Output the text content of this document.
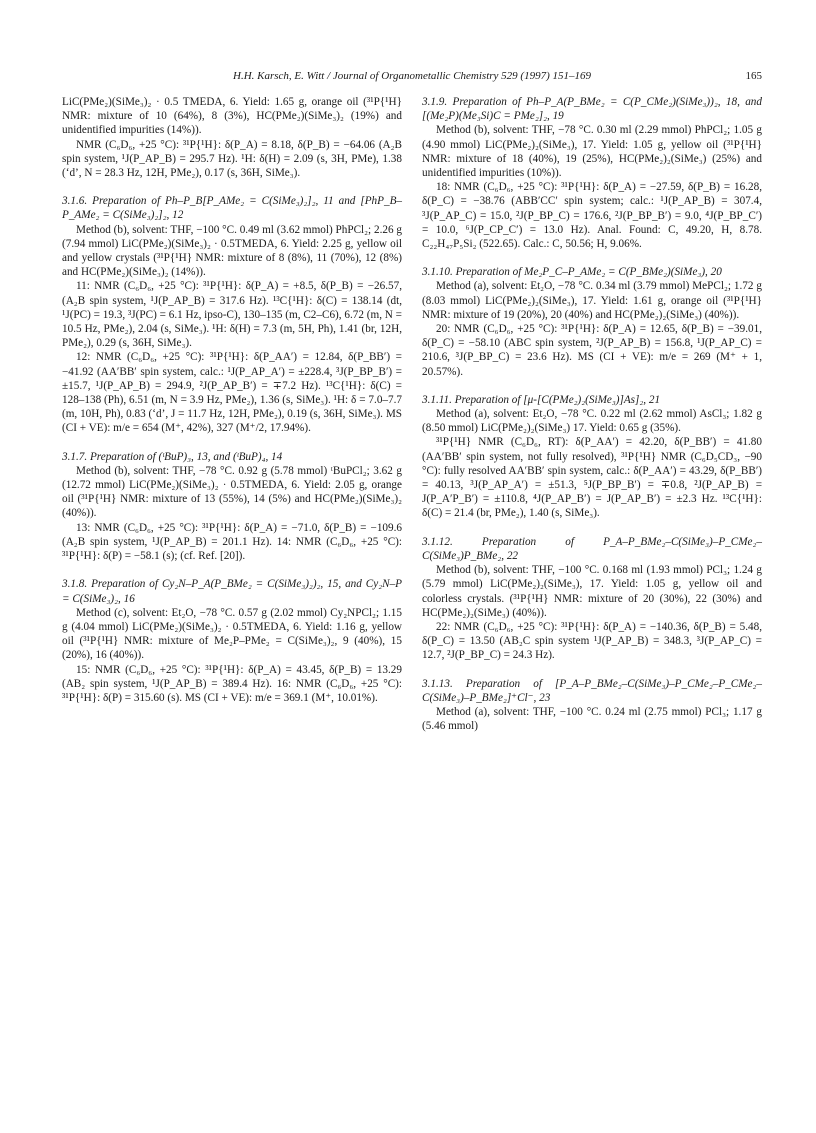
H.H. Karsch, E. Witt / Journal of Organometallic Chemistry 529 (1997) 151–169	165

LiC(PMe₂)(SiMe₃)₂ · 0.5 TMEDA, 6. Yield: 1.65 g, orange oil (³¹P{¹H} NMR: mixture of 10 (64%), 8 (3%), HC(PMe₂)(SiMe₃)₂ (19%) and unidentified impurities (14%)).

NMR (C₆D₆, +25 °C): ³¹P{¹H}: δ(P_A) = 8.18, δ(P_B) = −64.06 (A₂B spin system, ¹J(P_AP_B) = 295.7 Hz). ¹H: δ(H) = 2.09 (s, 3H, PMe), 1.38 (‘d’, N = 28.3 Hz, 12H, PMe₂), 0.17 (s, 36H, SiMe₃).

3.1.6. Preparation of Ph–P_B[P_AMe₂ = C(SiMe₃)₂]₂, 11 and [PhP_B–P_AMe₂ = C(SiMe₃)₂]₂, 12

Method (b), solvent: THF, −100 °C. 0.49 ml (3.62 mmol) PhPCl₂; 2.26 g (7.94 mmol) LiC(PMe₂)(SiMe₃)₂ · 0.5TMEDA, 6. Yield: 2.25 g, yellow oil and yellow crystals (³¹P{¹H} NMR: mixture of 8 (8%), 11 (70%), 12 (8%) and HC(PMe₂)(SiMe₃)₂ (14%)).

11: NMR (C₆D₆, +25 °C): ³¹P{¹H}: δ(P_A) = +8.5, δ(P_B) = −26.57, (A₂B spin system, ¹J(P_AP_B) = 317.6 Hz). ¹³C{¹H}: δ(C) = 138.14 (dt, ¹J(PC) = 19.3, ³J(PC) = 6.1 Hz, ipso-C), 130–135 (m, C2–C6), 6.72 (m, N = 10.5 Hz, PMe₂), 2.04 (s, SiMe₃). ¹H: δ(H) = 7.3 (m, 5H, Ph), 1.41 (br, 12H, PMe₂), 0.29 (s, 36H, SiMe₃).

12: NMR (C₆D₆, +25 °C): ³¹P{¹H}: δ(P_AA′) = 12.84, δ(P_BB′) = −41.92 (AA′BB′ spin system, calc.: ¹J(P_AP_A′) = ±228.4, ³J(P_BP_B′) = ±15.7, ¹J(P_AP_B) = 294.9, ²J(P_AP_B′) = ∓7.2 Hz). ¹³C{¹H}: δ(C) = 128–138 (Ph), 6.51 (m, N = 3.9 Hz, PMe₂), 1.36 (s, SiMe₃). ¹H: δ = 7.0–7.7 (m, 10H, Ph), 0.83 (‘d’, J = 11.7 Hz, 12H, PMe₂), 0.19 (s, 36H, SiMe₃). MS (CI + VE): m/e = 654 (M⁺, 42%), 327 (M⁺/2, 17.94%).

3.1.7. Preparation of (ᵗBuP)₃, 13, and (ᵗBuP)₄, 14

Method (b), solvent: THF, −78 °C. 0.92 g (5.78 mmol) ᵗBuPCl₂; 3.62 g (12.72 mmol) LiC(PMe₂)(SiMe₃)₂ · 0.5TMEDA, 6. Yield: 2.05 g, orange oil (³¹P{¹H} NMR: mixture of 13 (55%), 14 (5%) and HC(PMe₂)(SiMe₃)₂ (40%)).

13: NMR (C₆D₆, +25 °C): ³¹P{¹H}: δ(P_A) = −71.0, δ(P_B) = −109.6 (A₂B spin system, ¹J(P_AP_B) = 201.1 Hz). 14: NMR (C₆D₆, +25 °C): ³¹P{¹H}: δ(P) = −58.1 (s); (cf. Ref. [20]).

3.1.8. Preparation of Cy₂N–P_A(P_BMe₂ = C(SiMe₃)₂)₂, 15, and Cy₂N–P = C(SiMe₃)₂, 16

Method (c), solvent: Et₂O, −78 °C. 0.57 g (2.02 mmol) Cy₂NPCl₂; 1.15 g (4.04 mmol) LiC(PMe₂)(SiMe₃)₂ · 0.5TMEDA, 6. Yield: 1.16 g, yellow oil (³¹P{¹H} NMR: mixture of Me₂P–PMe₂ = C(SiMe₃)₂, 9 (40%), 15 (20%), 16 (40%)).

15: NMR (C₆D₆, +25 °C): ³¹P{¹H}: δ(P_A) = 43.45, δ(P_B) = 13.29 (AB₂ spin system, ¹J(P_AP_B) = 389.4 Hz). 16: NMR (C₆D₆, +25 °C): ³¹P{¹H}: δ(P) = 315.60 (s). MS (CI + VE): m/e = 369.1 (M⁺, 10.01%).

3.1.9. Preparation of Ph–P_A(P_BMe₂ = C(P_CMe₂)(SiMe₃))₂, 18, and [(Me₂P)(Me₃Si)C = PMe₂]₂, 19

Method (b), solvent: THF, −78 °C. 0.30 ml (2.29 mmol) PhPCl₂; 1.05 g (4.90 mmol) LiC(PMe₂)₂(SiMe₃), 17. Yield: 1.05 g, yellow oil (³¹P{¹H} NMR: mixture of 18 (40%), 19 (25%), HC(PMe₂)₂(SiMe₃) (25%) and unidentified impurities (10%)).

18: NMR (C₆D₆, +25 °C): ³¹P{¹H}: δ(P_A) = −27.59, δ(P_B) = 16.28, δ(P_C) = −38.76 (ABB′CC′ spin system; calc.: ¹J(P_AP_B) = 307.4, ³J(P_AP_C) = 15.0, ²J(P_BP_C) = 176.6, ²J(P_BP_B′) = 9.0, ⁴J(P_BP_C′) = 10.0, ⁶J(P_CP_C′) = 13.0 Hz). Anal. Found: C, 49.20, H, 8.78. C₂₂H₄₇P₅Si₂ (522.65). Calc.: C, 50.56; H, 9.06%.

3.1.10. Preparation of Me₂P_C–P_AMe₂ = C(P_BMe₂)(SiMe₃), 20

Method (a), solvent: Et₂O, −78 °C. 0.34 ml (3.79 mmol) MePCl₂; 1.72 g (8.03 mmol) LiC(PMe₂)₂(SiMe₃), 17. Yield: 1.61 g, orange oil (³¹P{¹H} NMR: mixture of 19 (20%), 20 (40%) and HC(PMe₂)₂(SiMe₃) (40%)).

20: NMR (C₆D₆, +25 °C): ³¹P{¹H}: δ(P_A) = 12.65, δ(P_B) = −39.01, δ(P_C) = −58.10 (ABC spin system, ²J(P_AP_B) = 156.8, ¹J(P_AP_C) = 210.6, ³J(P_BP_C) = 23.6 Hz). MS (CI + VE): m/e = 269 (M⁺ + 1, 20.57%).

3.1.11. Preparation of [μ-[C(PMe₂)₂(SiMe₃)]As]₂, 21

Method (a), solvent: Et₂O, −78 °C. 0.22 ml (2.62 mmol) AsCl₃; 1.82 g (8.50 mmol) LiC(PMe₂)₂(SiMe₃) 17. Yield: 0.65 g (35%).

³¹P{¹H} NMR (C₆D₆, RT): δ(P_AA′) = 42.20, δ(P_BB′) = 41.80 (AA′BB′ spin system, not fully resolved), ³¹P{¹H} NMR (C₆D₅CD₃, −90 °C): fully resolved AA′BB′ spin system, calc.: δ(P_AA′) = 43.29, δ(P_BB′) = 40.13, ³J(P_AP_A′) = ±51.3, ⁵J(P_BP_B′) = ∓0.8, ²J(P_AP_B) = J(P_A′P_B′) = ±110.8, ⁴J(P_AP_B′) = J(P_AP_B′) = ±2.3 Hz. ¹³C{¹H}: δ(C) = 21.4 (br, PMe₂), 1.40 (s, SiMe₃).

3.1.12. Preparation of P_A–P_BMe₂–C(SiMe₃)–P_CMe₂–C(SiMe₃)P_BMe₂, 22

Method (b), solvent: THF, −100 °C. 0.168 ml (1.93 mmol) PCl₃; 1.24 g (5.79 mmol) LiC(PMe₂)₂(SiMe₃), 17. Yield: 1.05 g, yellow oil and colorless crystals. (³¹P{¹H} NMR: mixture of 20 (30%), 22 (30%) and HC(PMe₂)₂(SiMe₃) (40%)).

22: NMR (C₆D₆, +25 °C): ³¹P{¹H}: δ(P_A) = −140.36, δ(P_B) = 5.48, δ(P_C) = 13.50 (AB₂C spin system ¹J(P_AP_B) = 348.3, ³J(P_AP_C) = 12.7, ²J(P_BP_C) = 24.3 Hz).

3.1.13. Preparation of [P_A–P_BMe₂–C(SiMe₃)–P_CMe₂–P_CMe₂–C(SiMe₃)–P_BMe₂]⁺Cl⁻, 23

Method (a), solvent: THF, −100 °C. 0.24 ml (2.75 mmol) PCl₃; 1.17 g (5.46 mmol)
